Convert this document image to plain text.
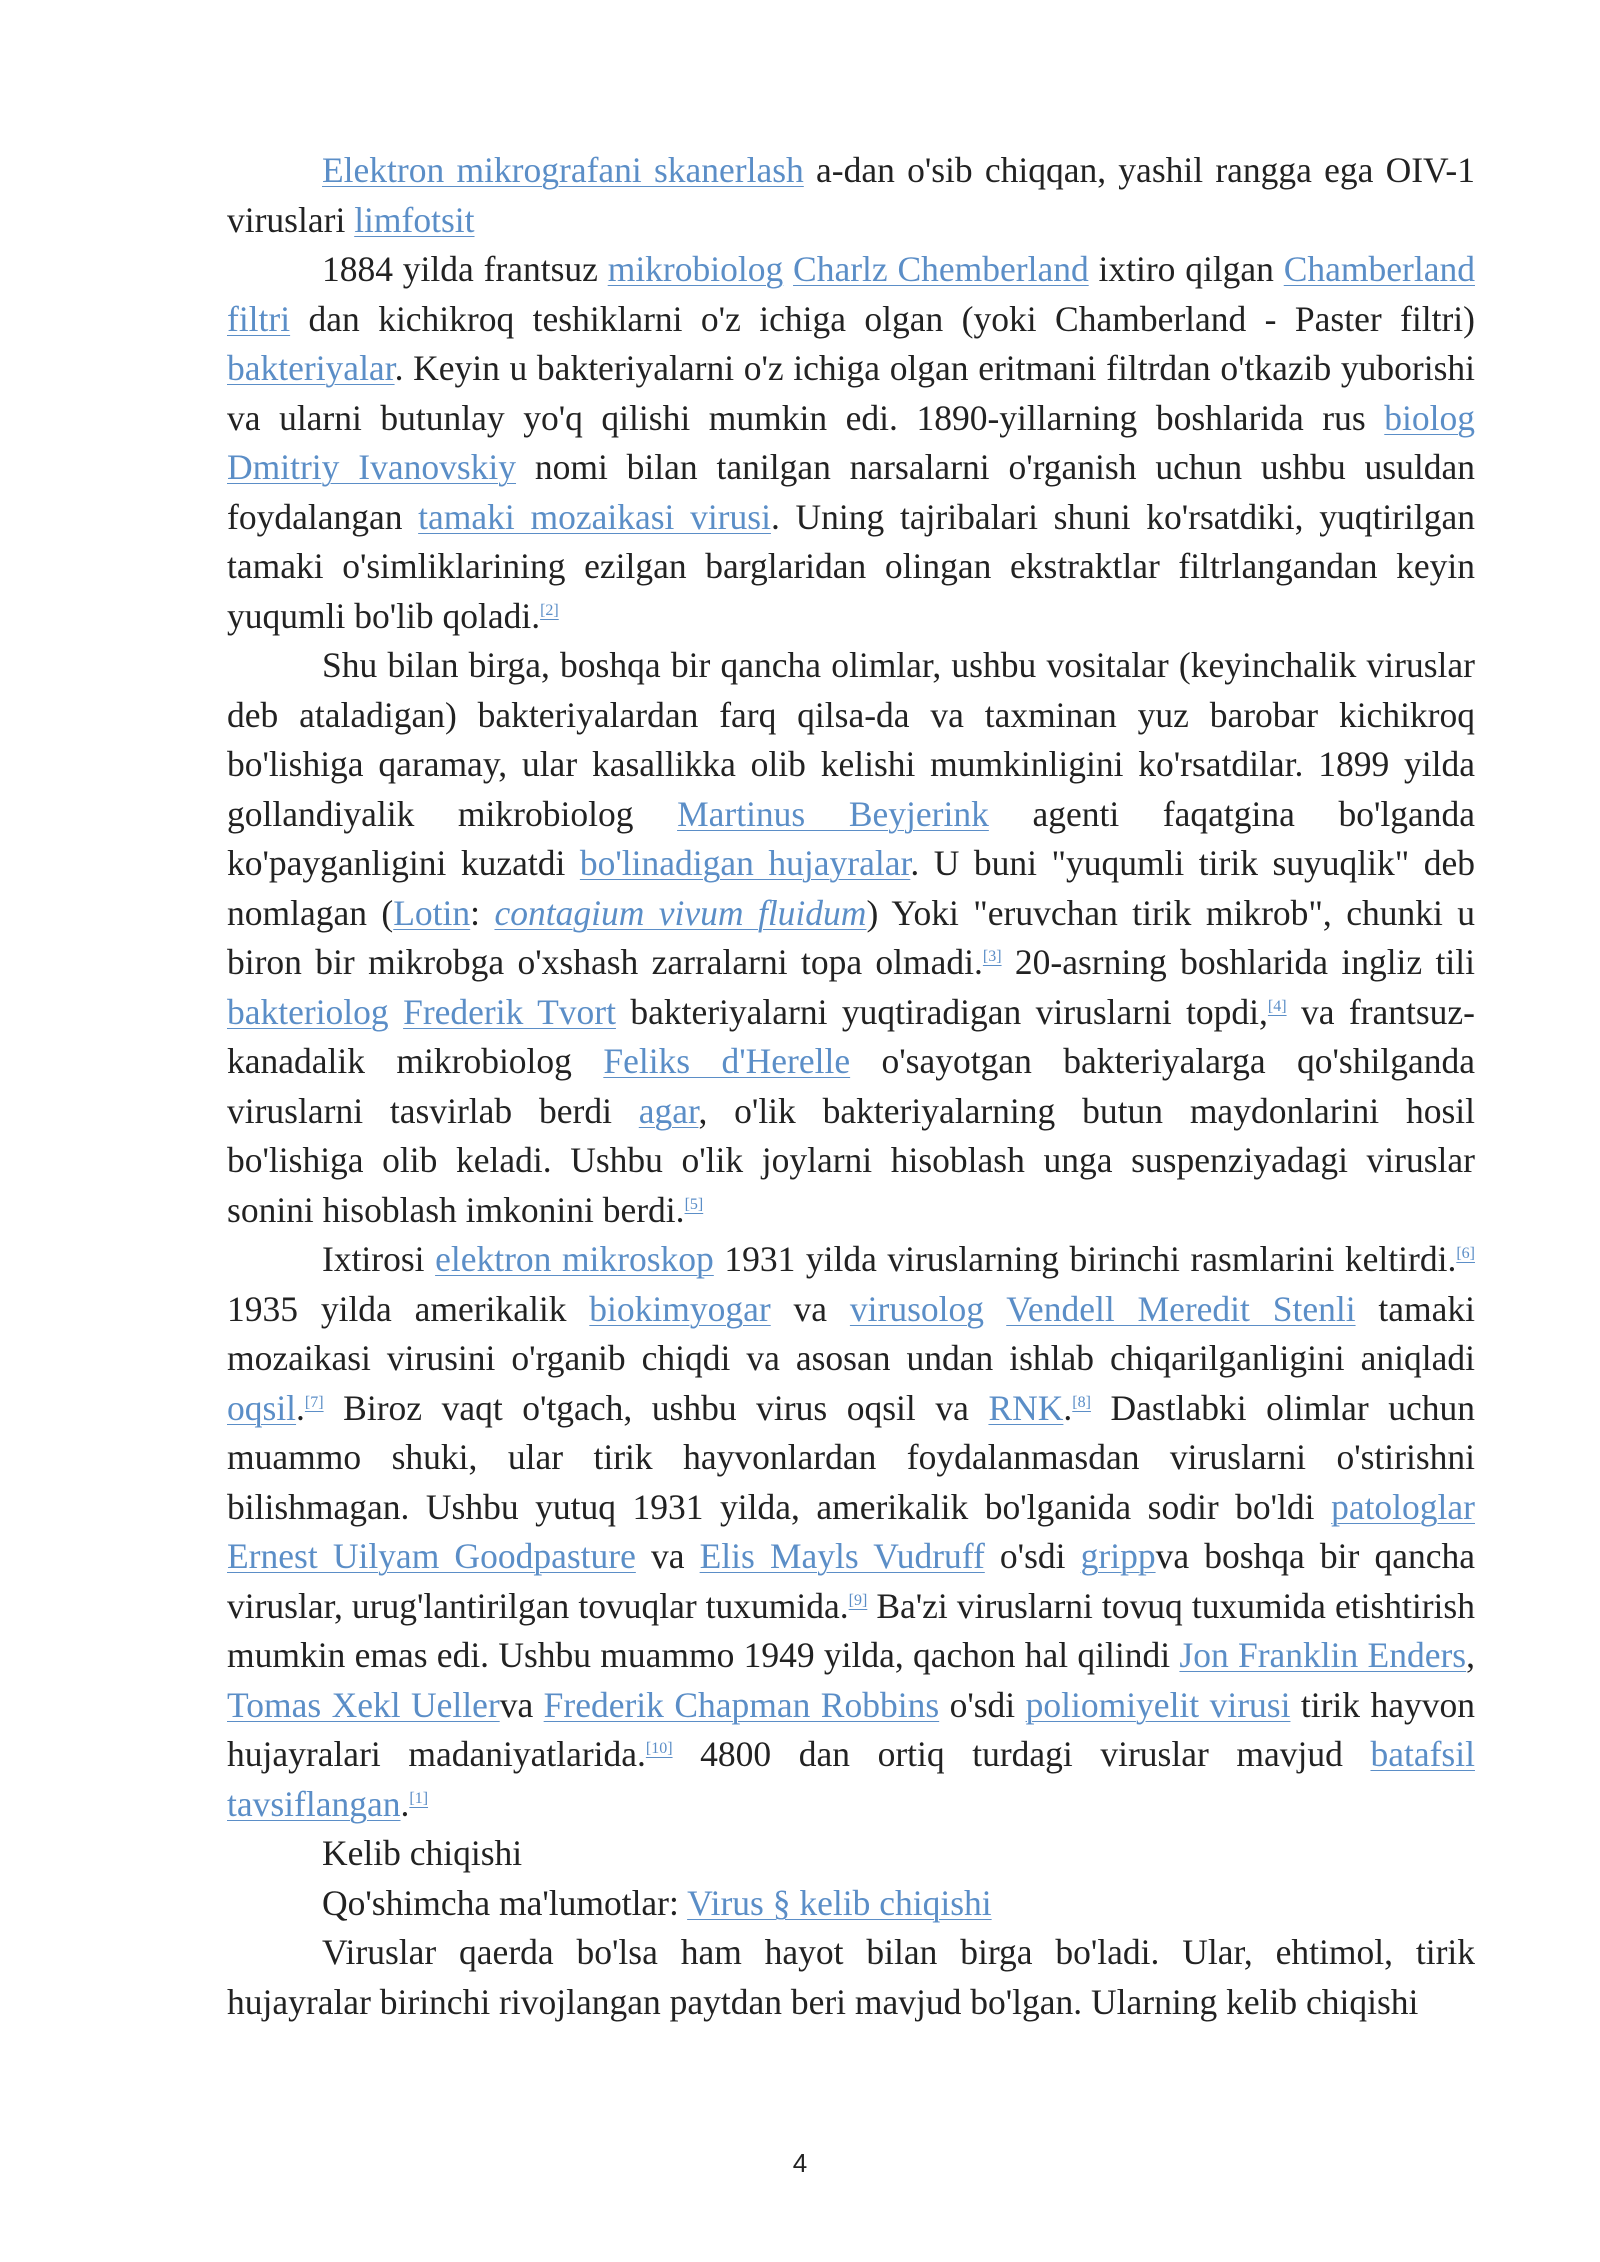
Elektron mikrografani skanerlash a-dan o'sib chiqqan, yashil rangga ega OIV-1 viruslari limfotsit

1884 yilda frantsuz mikrobiolog Charlz Chemberland ixtiro qilgan Chamberland filtri dan kichikroq teshiklarni o'z ichiga olgan (yoki Chamberland - Paster filtri) bakteriyalar. Keyin u bakteriyalarni o'z ichiga olgan eritmani filtrdan o'tkazib yuborishi va ularni butunlay yo'q qilishi mumkin edi. 1890-yillarning boshlarida rus biolog Dmitriy Ivanovskiy nomi bilan tanilgan narsalarni o'rganish uchun ushbu usuldan foydalangan tamaki mozaikasi virusi. Uning tajribalari shuni ko'rsatdiki, yuqtirilgan tamaki o'simliklarining ezilgan barglaridan olingan ekstraktlar filtrlangandan keyin yuqumli bo'lib qoladi.[2]

Shu bilan birga, boshqa bir qancha olimlar, ushbu vositalar (keyinchalik viruslar deb ataladigan) bakteriyalardan farq qilsa-da va taxminan yuz barobar kichikroq bo'lishiga qaramay, ular kasallikka olib kelishi mumkinligini ko'rsatdilar. 1899 yilda gollandiyalik mikrobiolog Martinus Beyjerink agenti faqatgina bo'lganda ko'payganligini kuzatdi bo'linadigan hujayralar. U buni "yuqumli tirik suyuqlik" deb nomlagan (Lotin: contagium vivum fluidum) Yoki "eruvchan tirik mikrob", chunki u biron bir mikrobga o'xshash zarralarni topa olmadi.[3] 20-asrning boshlarida ingliz tili bakteriolog Frederik Tvort bakteriyalarni yuqtiradigan viruslarni topdi,[4] va frantsuz-kanadalik mikrobiolog Feliks d'Herelle o'sayotgan bakteriyalarga qo'shilganda viruslarni tasvirlab berdi agar, o'lik bakteriyalarning butun maydonlarini hosil bo'lishiga olib keladi. Ushbu o'lik joylarni hisoblash unga suspenziyadagi viruslar sonini hisoblash imkonini berdi.[5]

Ixtirosi elektron mikroskop 1931 yilda viruslarning birinchi rasmlarini keltirdi.[6] 1935 yilda amerikalik biokimyogar va virusolog Vendell Meredit Stenli tamaki mozaikasi virusini o'rganib chiqdi va asosan undan ishlab chiqarilganligini aniqladi oqsil.[7] Biroz vaqt o'tgach, ushbu virus oqsil va RNK.[8] Dastlabki olimlar uchun muammo shuki, ular tirik hayvonlardan foydalanmasdan viruslarni o'stirishni bilishmagan. Ushbu yutuq 1931 yilda, amerikalik bo'lganida sodir bo'ldi patologlar Ernest Uilyam Goodpasture va Elis Mayls Vudruff o'sdi grippva boshqa bir qancha viruslar, urug'lantirilgan tovuqlar tuxumida.[9] Ba'zi viruslarni tovuq tuxumida etishtirish mumkin emas edi. Ushbu muammo 1949 yilda, qachon hal qilindi Jon Franklin Enders, Tomas Xekl Uellerva Frederik Chapman Robbins o'sdi poliomiyelit virusi tirik hayvon hujayralari madaniyatlarida.[10] 4800 dan ortiq turdagi viruslar mavjud batafsil tavsiflangan.[1]

Kelib chiqishi

Qo'shimcha ma'lumotlar: Virus § kelib chiqishi

Viruslar qaerda bo'lsa ham hayot bilan birga bo'ladi. Ular, ehtimol, tirik hujayralar birinchi rivojlangan paytdan beri mavjud bo'lgan. Ularning kelib chiqishi

4
